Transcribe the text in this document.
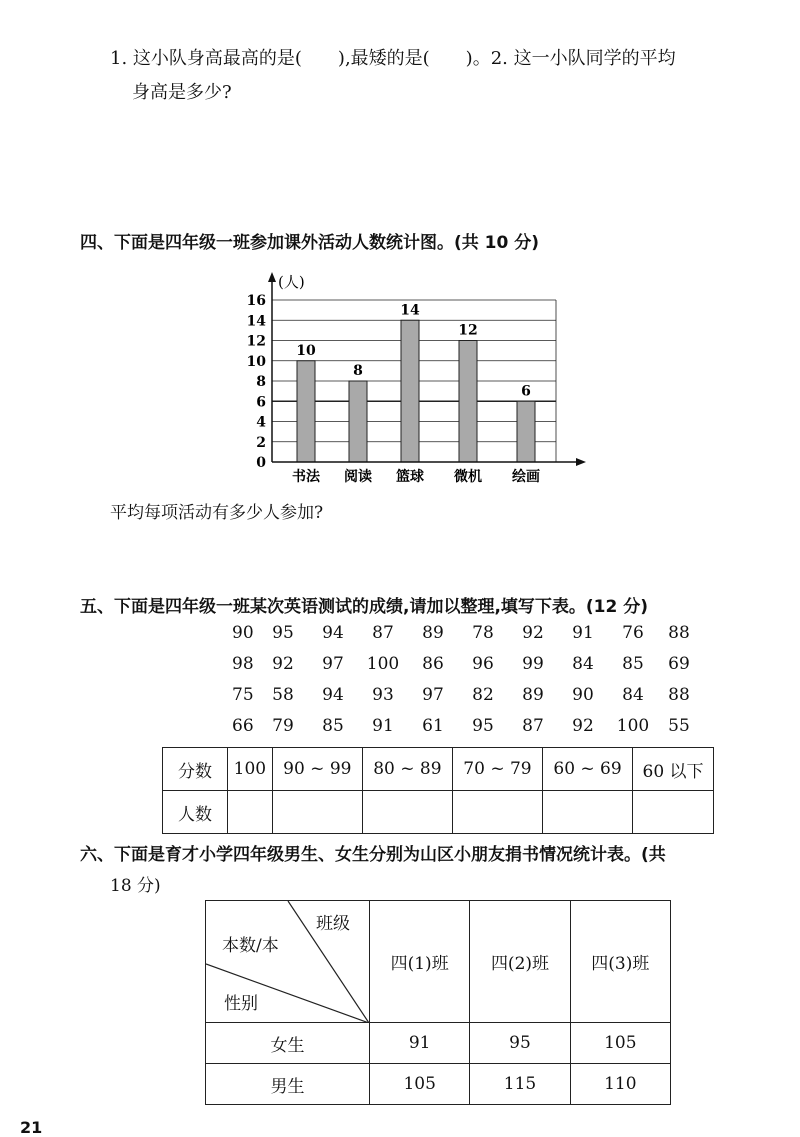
1. 这小队身高最高的是(　　),最矮的是(　　)。2. 这一小队同学的平均
身高是多少?
四、下面是四年级一班参加课外活动人数统计图。(共 10 分)
0
2
4
6
8
10
12
14
16
10
8
14
12
6
书法 阅读 篮球 微机 绘画
(人)
平均每项活动有多少人参加?
五、下面是四年级一班某次英语测试的成绩,请加以整理,填写下表。(12 分)
90	95	94	87	89	78	92	91	76	88
98	92	97	100	86	96	99	84	85	69
75	58	94	93	97	82	89	90	84	88
66	79	85	91	61	95	87	92	100 55
分数	100	90 ~ 99	80 ~ 89	70 ~ 79	60 ~ 69	60 以下
人数						
六、下面是育才小学四年级男生、女生分别为山区小朋友捐书情况统计表。(共
18 分)
班级
本数/本
性别	四(1)班	四(2)班	四(3)班
女生	91	95	105
男生	105	115	110
21
